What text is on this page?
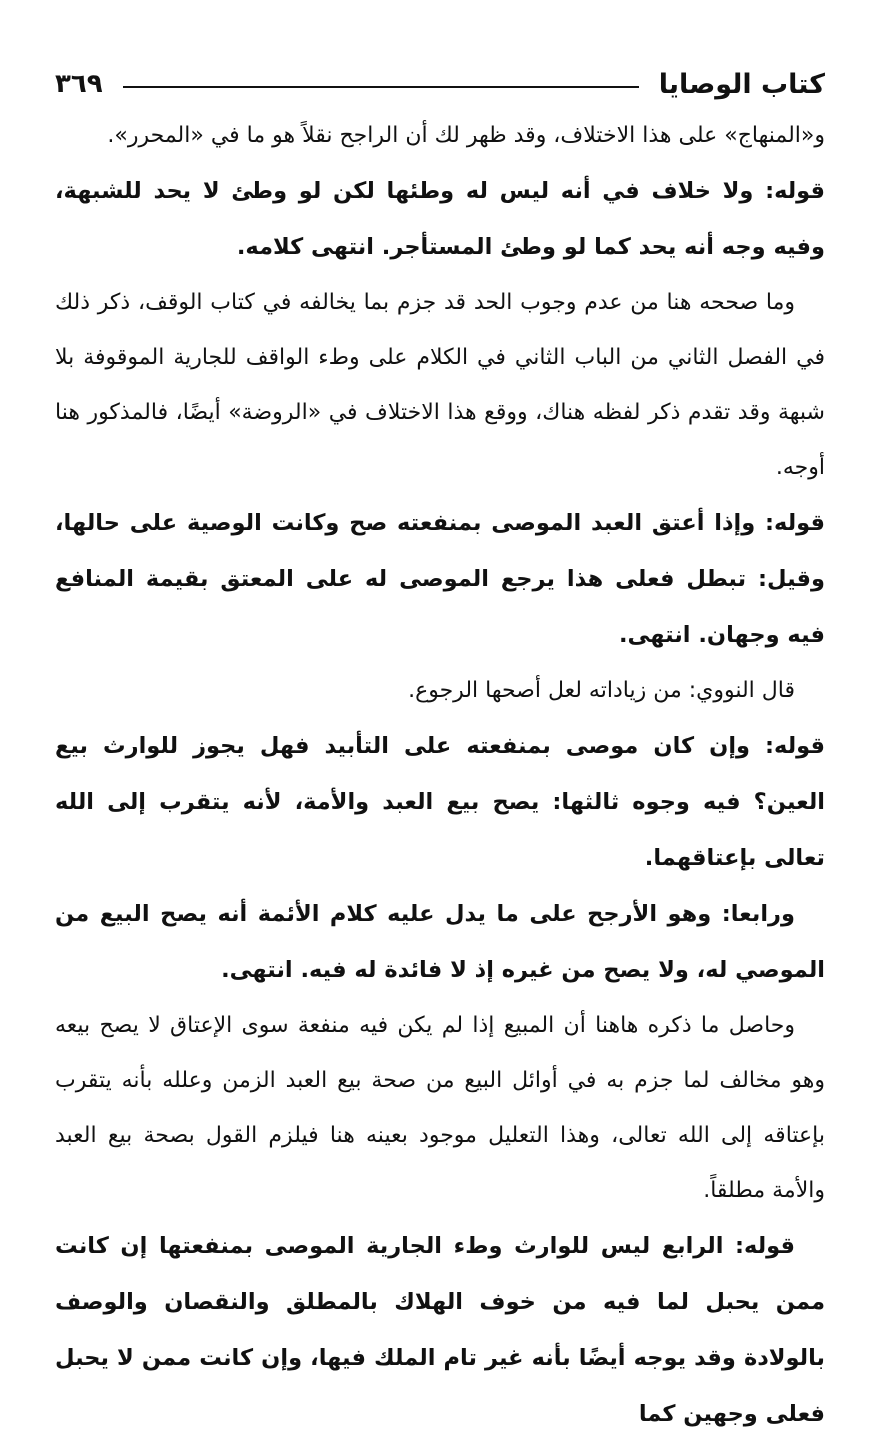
كتاب الوصايا
٣٦٩

و«المنهاج» على هذا الاختلاف، وقد ظهر لك أن الراجح نقلاً هو ما في «المحرر».

قوله: ولا خلاف في أنه ليس له وطئها لكن لو وطئ لا يحد للشبهة، وفيه وجه أنه يحد كما لو وطئ المستأجر. انتهى كلامه.

وما صححه هنا من عدم وجوب الحد قد جزم بما يخالفه في كتاب الوقف، ذكر ذلك في الفصل الثاني من الباب الثاني في الكلام على وطء الواقف للجارية الموقوفة بلا شبهة وقد تقدم ذكر لفظه هناك، ووقع هذا الاختلاف في «الروضة» أيضًا، فالمذكور هنا أوجه.

قوله: وإذا أعتق العبد الموصى بمنفعته صح وكانت الوصية على حالها، وقيل: تبطل فعلى هذا يرجع الموصى له على المعتق بقيمة المنافع فيه وجهان. انتهى.

قال النووي: من زياداته لعل أصحها الرجوع.

قوله: وإن كان موصى بمنفعته على التأبيد فهل يجوز للوارث بيع العين؟ فيه وجوه ثالثها: يصح بيع العبد والأمة، لأنه يتقرب إلى الله تعالى بإعتاقهما.

ورابعا: وهو الأرجح على ما يدل عليه كلام الأئمة أنه يصح البيع من الموصي له، ولا يصح من غيره إذ لا فائدة له فيه. انتهى.

وحاصل ما ذكره هاهنا أن المبيع إذا لم يكن فيه منفعة سوى الإعتاق لا يصح بيعه وهو مخالف لما جزم به في أوائل البيع من صحة بيع العبد الزمن وعلله بأنه يتقرب بإعتاقه إلى الله تعالى، وهذا التعليل موجود بعينه هنا فيلزم القول بصحة بيع العبد والأمة مطلقاً.

قوله: الرابع ليس للوارث وطء الجارية الموصى بمنفعتها إن كانت ممن يحبل لما فيه من خوف الهلاك بالمطلق والنقصان والوصف بالولادة وقد يوجه أيضًا بأنه غير تام الملك فيها، وإن كانت ممن لا يحبل فعلى وجهين كما
